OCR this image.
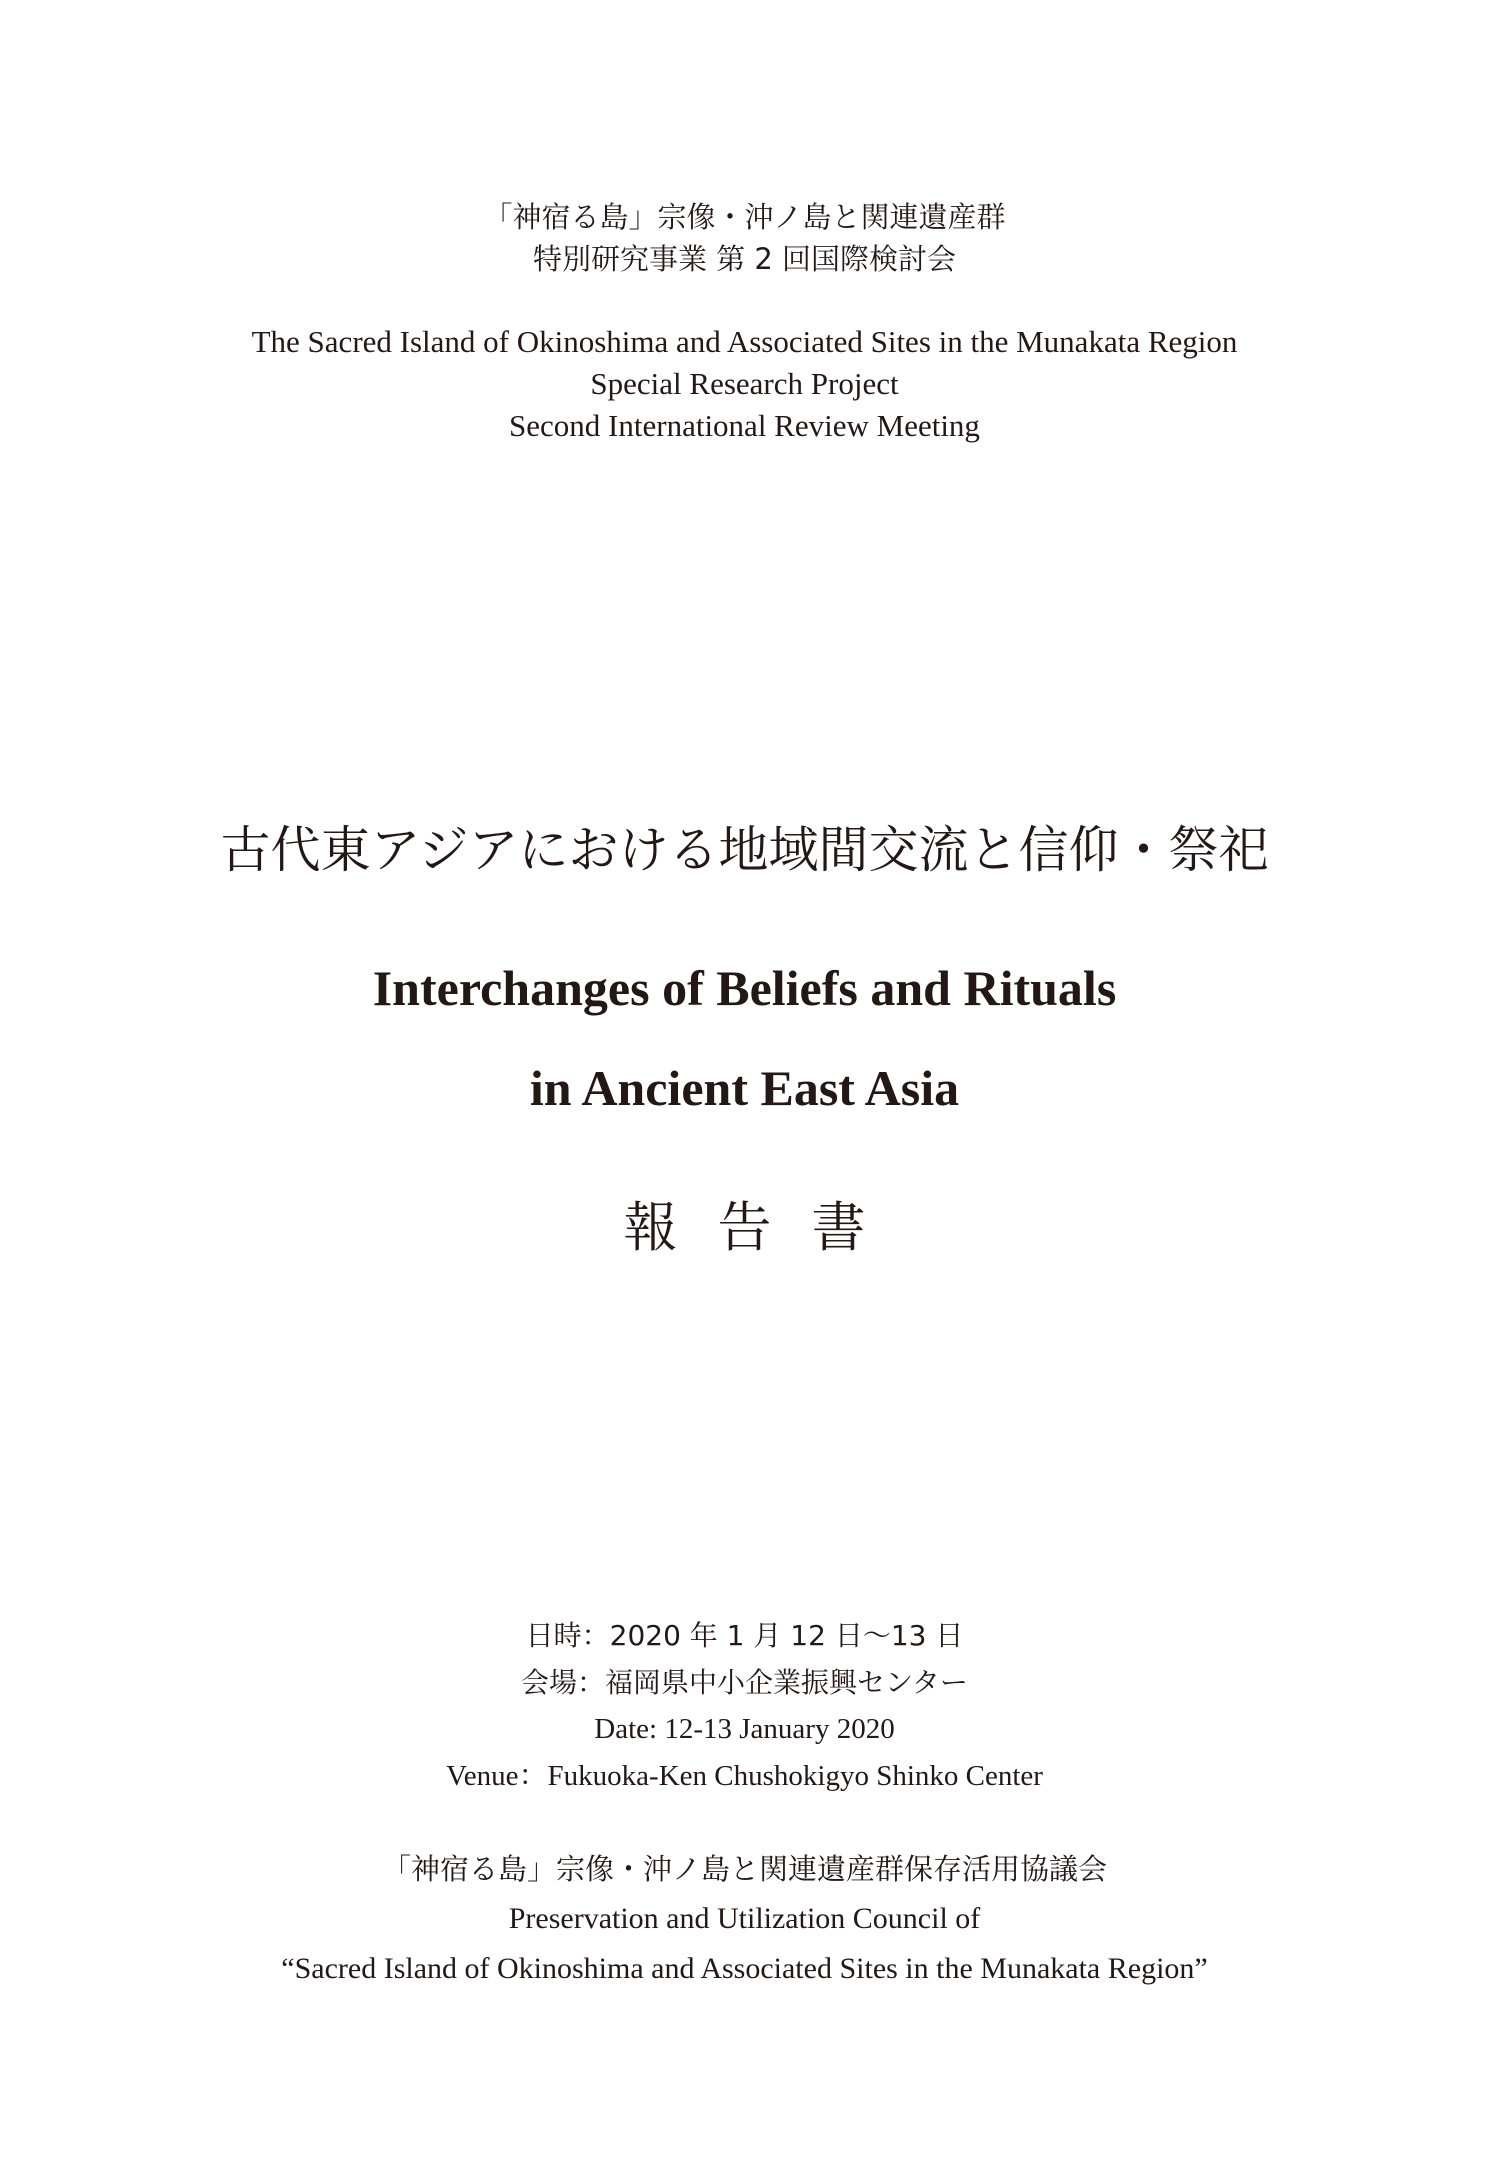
「神宿る島」宗像・沖ノ島と関連遺産群
特別研究事業 第 2 回国際検討会
The Sacred Island of Okinoshima and Associated Sites in the Munakata Region
Special Research Project
Second International Review Meeting
古代東アジアにおける地域間交流と信仰・祭祀
Interchanges of Beliefs and Rituals
in Ancient East Asia
報告書
日時：2020 年 1 月 12 日〜13 日
会場：福岡県中小企業振興センター
Date: 12-13 January 2020
Venue：Fukuoka-Ken Chushokigyo Shinko Center
「神宿る島」宗像・沖ノ島と関連遺産群保存活用協議会
Preservation and Utilization Council of
“Sacred Island of Okinoshima and Associated Sites in the Munakata Region”
